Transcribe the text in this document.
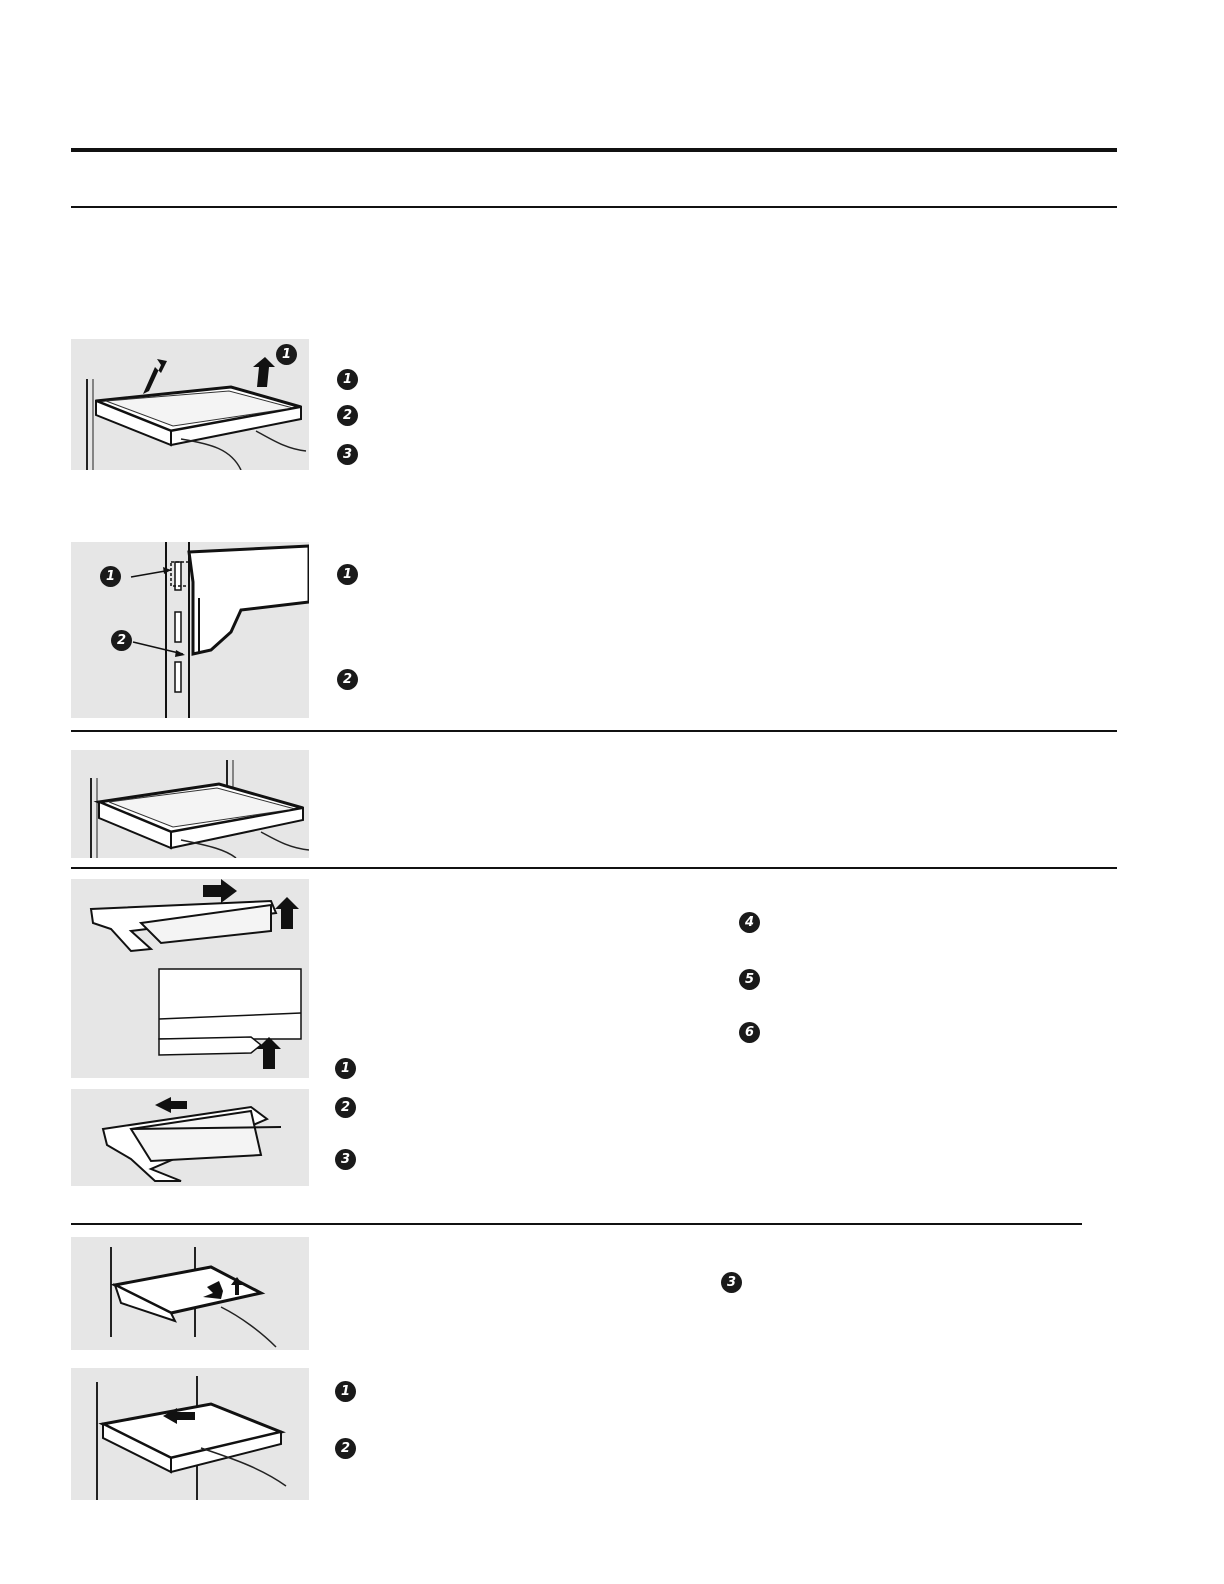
1
1
2
1
2
3
1
2
4
5
6
1
2
3
3
1
2
